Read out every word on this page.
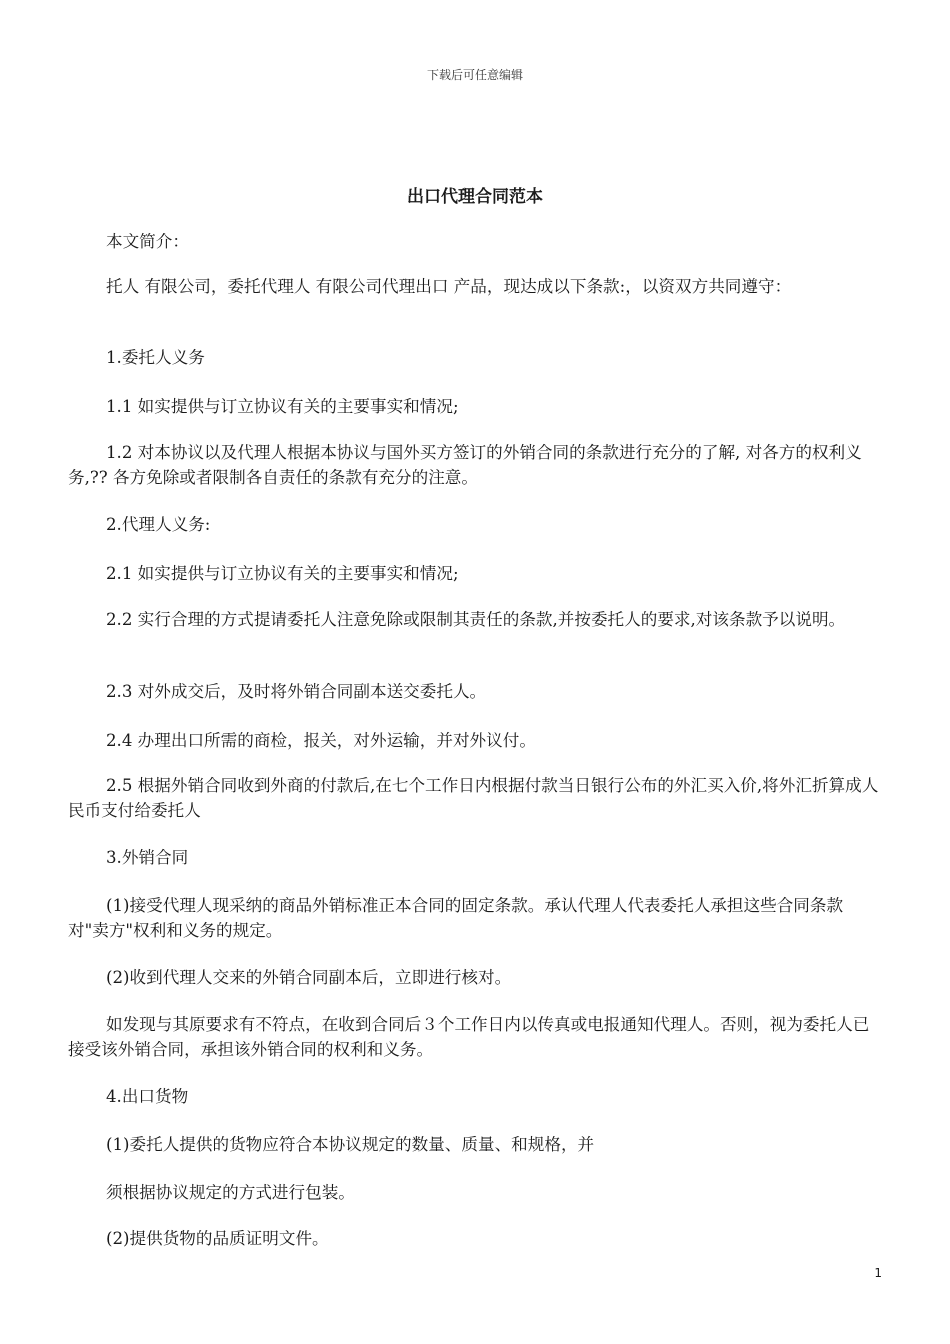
下载后可任意编辑
出口代理合同范本
本文简介：
托人 有限公司，委托代理人 有限公司代理出口 产品，现达成以下条款:，以资双方共同遵守：
1.委托人义务
1.1 如实提供与订立协议有关的主要事实和情况;
1.2 对本协议以及代理人根据本协议与国外买方签订的外销合同的条款进行充分的了解, 对各方的权利义务,?? 各方免除或者限制各自责任的条款有充分的注意。
2.代理人义务:
2.1 如实提供与订立协议有关的主要事实和情况;
2.2 实行合理的方式提请委托人注意免除或限制其责任的条款,并按委托人的要求,对该条款予以说明。
2.3 对外成交后，及时将外销合同副本送交委托人。
2.4 办理出口所需的商检，报关，对外运输，并对外议付。
2.5 根据外销合同收到外商的付款后,在七个工作日内根据付款当日银行公布的外汇买入价,将外汇折算成人民币支付给委托人
3.外销合同
(1)接受代理人现采纳的商品外销标准正本合同的固定条款。承认代理人代表委托人承担这些合同条款对"卖方"权利和义务的规定。
(2)收到代理人交来的外销合同副本后，立即进行核对。
如发现与其原要求有不符点，在收到合同后３个工作日内以传真或电报通知代理人。否则，视为委托人已接受该外销合同，承担该外销合同的权利和义务。
4.出口货物
(1)委托人提供的货物应符合本协议规定的数量、质量、和规格，并
须根据协议规定的方式进行包装。
(2)提供货物的品质证明文件。
1
